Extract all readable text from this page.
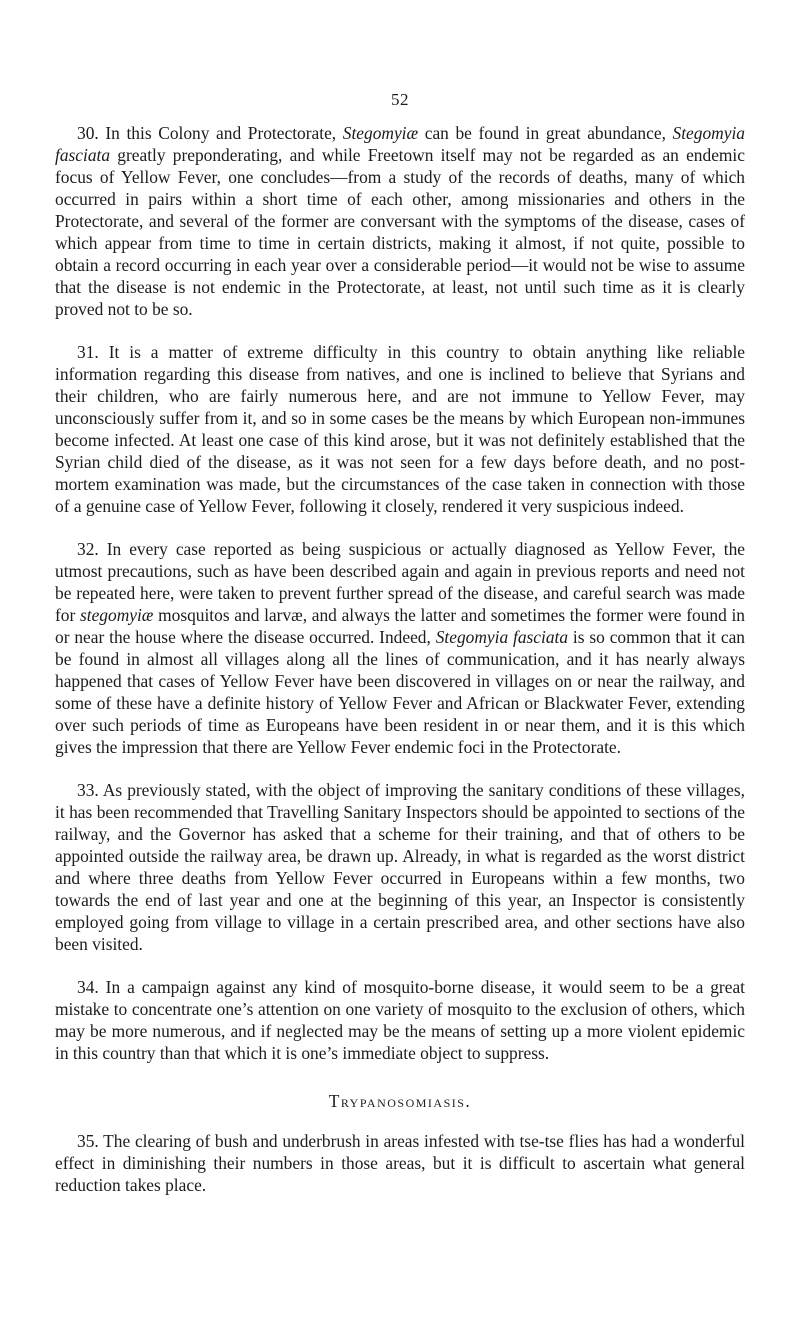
52

30. In this Colony and Protectorate, Stegomyiæ can be found in great abundance, Stegomyia fasciata greatly preponderating, and while Freetown itself may not be regarded as an endemic focus of Yellow Fever, one concludes—from a study of the records of deaths, many of which occurred in pairs within a short time of each other, among missionaries and others in the Protectorate, and several of the former are conversant with the symptoms of the disease, cases of which appear from time to time in certain districts, making it almost, if not quite, possible to obtain a record occurring in each year over a considerable period—it would not be wise to assume that the disease is not endemic in the Protectorate, at least, not until such time as it is clearly proved not to be so.

31. It is a matter of extreme difficulty in this country to obtain anything like reliable information regarding this disease from natives, and one is inclined to believe that Syrians and their children, who are fairly numerous here, and are not immune to Yellow Fever, may unconsciously suffer from it, and so in some cases be the means by which European non-immunes become infected. At least one case of this kind arose, but it was not definitely established that the Syrian child died of the disease, as it was not seen for a few days before death, and no post-mortem examination was made, but the circumstances of the case taken in connection with those of a genuine case of Yellow Fever, following it closely, rendered it very suspicious indeed.

32. In every case reported as being suspicious or actually diagnosed as Yellow Fever, the utmost precautions, such as have been described again and again in previous reports and need not be repeated here, were taken to prevent further spread of the disease, and careful search was made for stegomyiæ mosquitos and larvæ, and always the latter and sometimes the former were found in or near the house where the disease occurred. Indeed, Stegomyia fasciata is so common that it can be found in almost all villages along all the lines of communication, and it has nearly always happened that cases of Yellow Fever have been discovered in villages on or near the railway, and some of these have a definite history of Yellow Fever and African or Blackwater Fever, extending over such periods of time as Europeans have been resident in or near them, and it is this which gives the impression that there are Yellow Fever endemic foci in the Protectorate.

33. As previously stated, with the object of improving the sanitary conditions of these villages, it has been recommended that Travelling Sanitary Inspectors should be appointed to sections of the railway, and the Governor has asked that a scheme for their training, and that of others to be appointed outside the railway area, be drawn up. Already, in what is regarded as the worst district and where three deaths from Yellow Fever occurred in Europeans within a few months, two towards the end of last year and one at the beginning of this year, an Inspector is consistently employed going from village to village in a certain prescribed area, and other sections have also been visited.

34. In a campaign against any kind of mosquito-borne disease, it would seem to be a great mistake to concentrate one’s attention on one variety of mosquito to the exclusion of others, which may be more numerous, and if neglected may be the means of setting up a more violent epidemic in this country than that which it is one’s immediate object to suppress.

Trypanosomiasis.

35. The clearing of bush and underbrush in areas infested with tse-tse flies has had a wonderful effect in diminishing their numbers in those areas, but it is difficult to ascertain what general reduction takes place.
